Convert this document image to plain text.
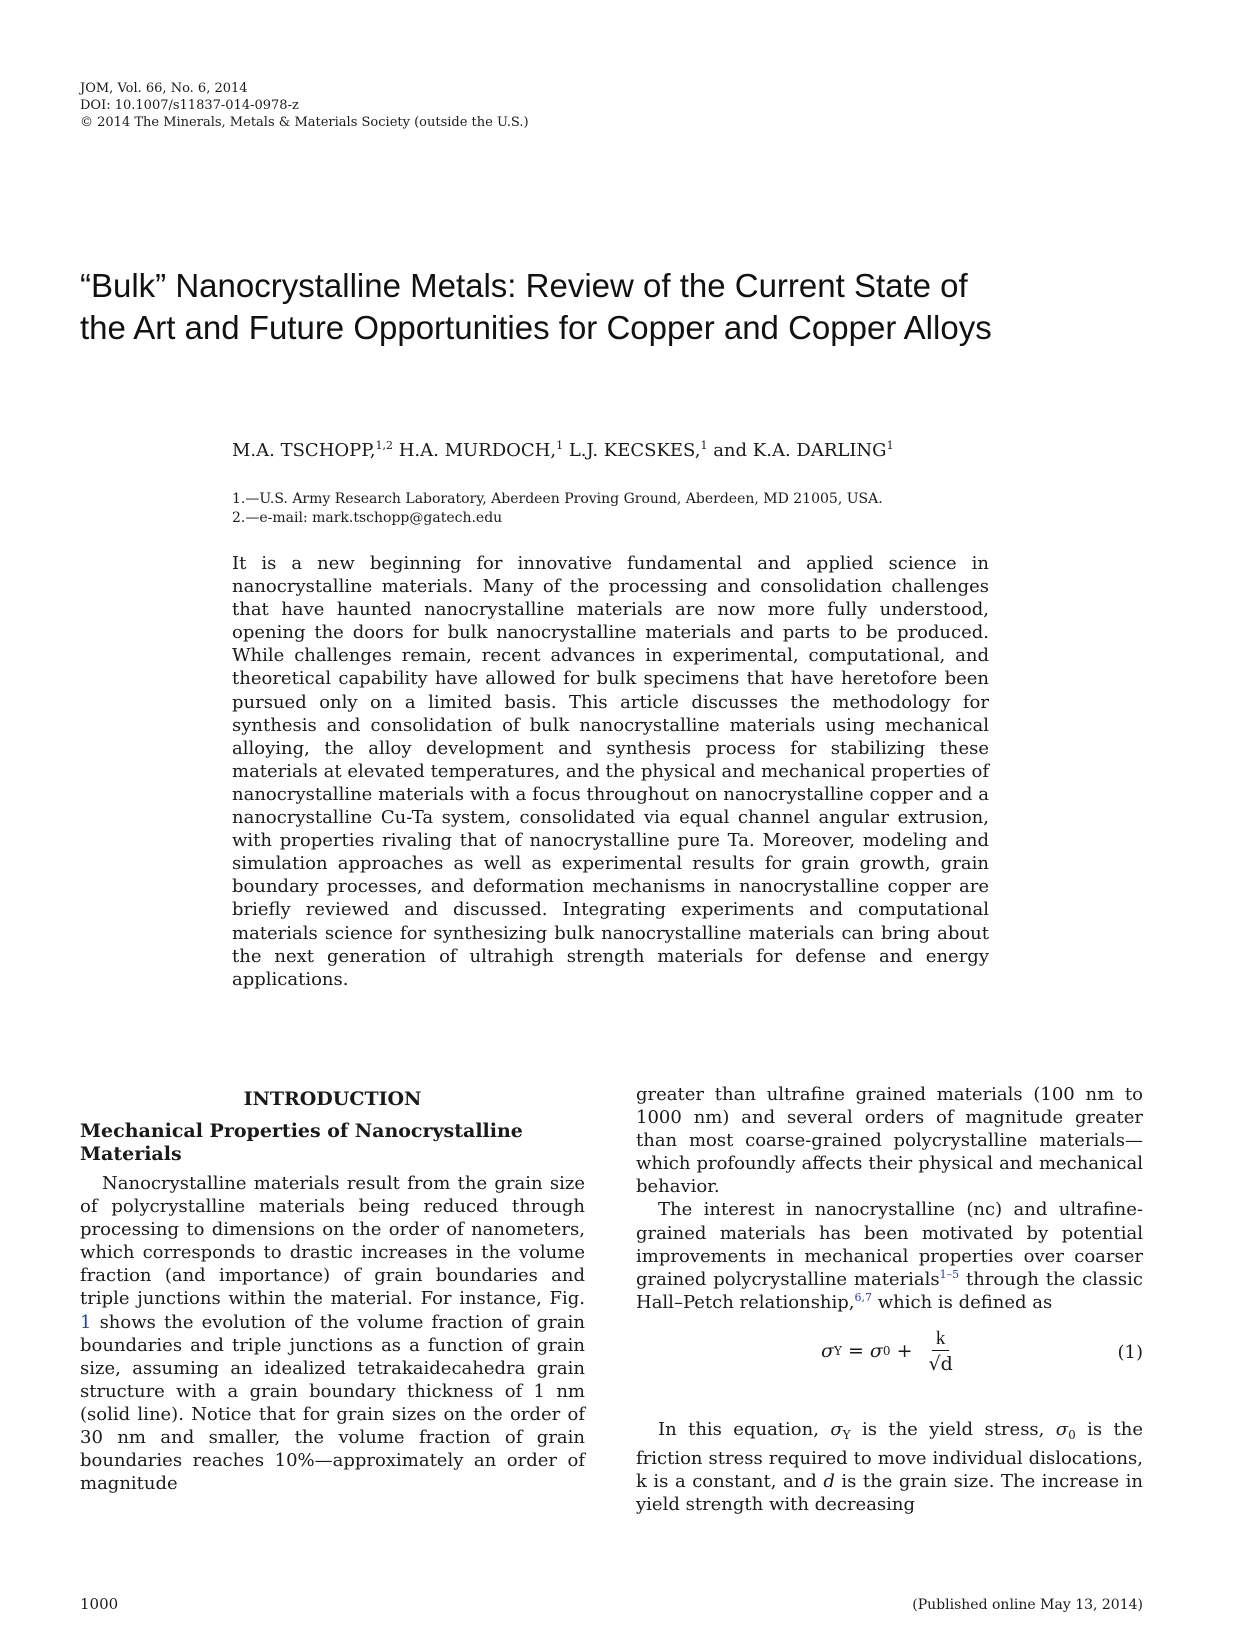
JOM, Vol. 66, No. 6, 2014
DOI: 10.1007/s11837-014-0978-z
© 2014 The Minerals, Metals & Materials Society (outside the U.S.)
“Bulk” Nanocrystalline Metals: Review of the Current State of the Art and Future Opportunities for Copper and Copper Alloys
M.A. TSCHOPP,$^{1,2}$ H.A. MURDOCH,$^1$ L.J. KECSKES,$^1$ and K.A. DARLING$^1$
1.—U.S. Army Research Laboratory, Aberdeen Proving Ground, Aberdeen, MD 21005, USA.
2.—e-mail: mark.tschopp@gatech.edu

It is a new beginning for innovative fundamental and applied science in nanocrystalline materials. Many of the processing and consolidation challenges that have haunted nanocrystalline materials are now more fully understood, opening the doors for bulk nanocrystalline materials and parts to be produced. While challenges remain, recent advances in experimental, computational, and theoretical capability have allowed for bulk specimens that have heretofore been pursued only on a limited basis. This article discusses the methodology for synthesis and consolidation of bulk nanocrystalline materials using mechanical alloying, the alloy development and synthesis process for stabilizing these materials at elevated temperatures, and the physical and mechanical properties of nanocrystalline materials with a focus throughout on nanocrystalline copper and a nanocrystalline Cu-Ta system, consolidated via equal channel angular extrusion, with properties rivaling that of nanocrystalline pure Ta. Moreover, modeling and simulation approaches as well as experimental results for grain growth, grain boundary processes, and deformation mechanisms in nanocrystalline copper are briefly reviewed and discussed. Integrating experiments and computational materials science for synthesizing bulk nanocrystalline materials can bring about the next generation of ultrahigh strength materials for defense and energy applications.

INTRODUCTION
Mechanical Properties of Nanocrystalline Materials

Nanocrystalline materials result from the grain size of polycrystalline materials being reduced through processing to dimensions on the order of nanometers, which corresponds to drastic increases in the volume fraction (and importance) of grain boundaries and triple junctions within the material. For instance, Fig. 1 shows the evolution of the volume fraction of grain boundaries and triple junctions as a function of grain size, assuming an idealized tetrakaidecahedra grain structure with a grain boundary thickness of 1 nm (solid line). Notice that for grain sizes on the order of 30 nm and smaller, the volume fraction of grain boundaries reaches 10%—approximately an order of magnitude

greater than ultrafine grained materials (100 nm to 1000 nm) and several orders of magnitude greater than most coarse-grained polycrystalline materials—which profoundly affects their physical and mechanical behavior.

The interest in nanocrystalline (nc) and ultrafine-grained materials has been motivated by potential improvements in mechanical properties over coarser grained polycrystalline materials$^{1-5}$ through the classic Hall–Petch relationship,$^{6,7}$ which is defined as

σ Y = σ $0 + \frac{k}{√d}$	(1)

In this equation, $\sigma_Y$ is the yield stress, $\sigma_0$ is the friction stress required to move individual dislocations, k is a constant, and d is the grain size. The increase in yield strength with decreasing

1000	(Published online May 13, 2014)
